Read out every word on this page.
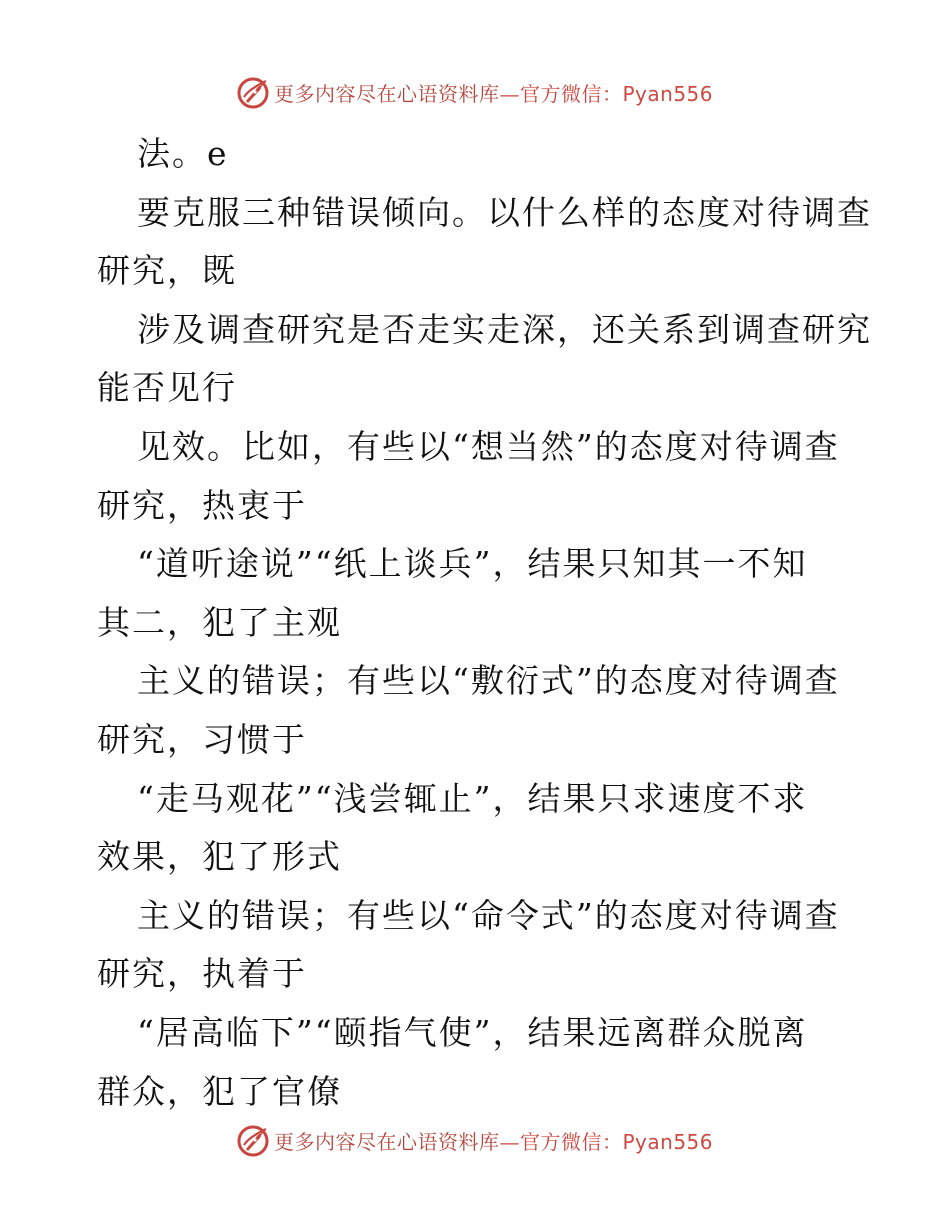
更多内容尽在心语资料库—官方微信：Pyan556
法。e
要克服三种错误倾向。以什么样的态度对待调查
研究，既
涉及调查研究是否走实走深，还关系到调查研究
能否见行
见效。比如，有些以“想当然”的态度对待调查
研究，热衷于
“道听途说”“纸上谈兵”，结果只知其一不知
其二，犯了主观
主义的错误；有些以“敷衍式”的态度对待调查
研究，习惯于
“走马观花”“浅尝辄止”，结果只求速度不求
效果，犯了形式
主义的错误；有些以“命令式”的态度对待调查
研究，执着于
“居高临下”“颐指气使”，结果远离群众脱离
群众，犯了官僚
更多内容尽在心语资料库—官方微信：Pyan556
